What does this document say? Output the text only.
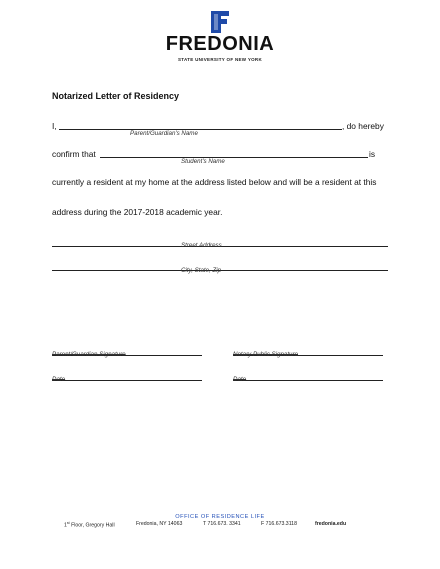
FREDONIA
STATE UNIVERSITY OF NEW YORK
Notarized Letter of Residency
I,	, do hereby
Parent/Guardian's Name
confirm that	is
Student's Name
currently a resident at my home at the address listed below and will be a resident at this
address during the 2017-2018 academic year.
Street Address
City, State, Zip
Parent/Guardian Signature	Notary Public Signature
Date	Date
OFFICE OF RESIDENCE LIFE
1st Floor, Gregory Hall	Fredonia, NY 14063	T 716.673. 3341	F 716.673.3118	fredonia.edu
